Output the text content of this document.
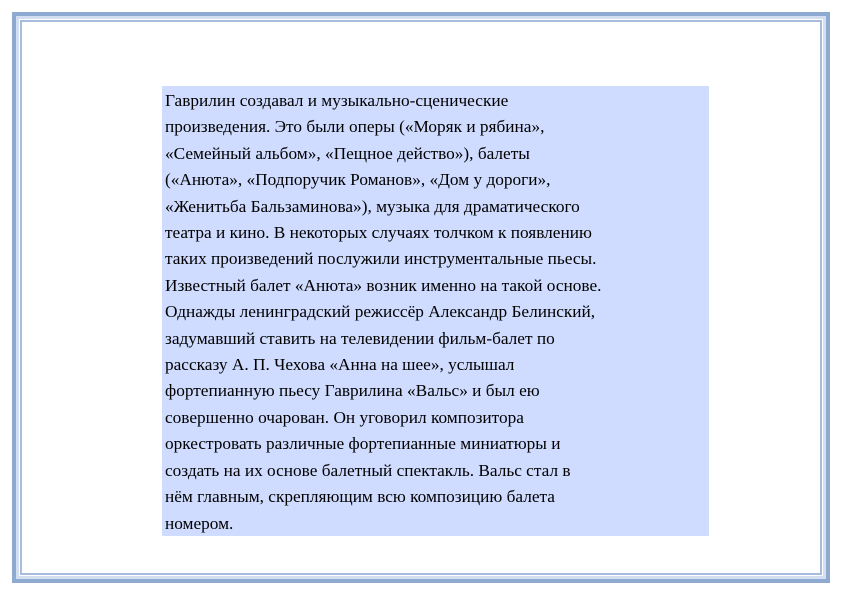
Гаврилин создавал и музыкально-сценические

произведения. Это были оперы («Моряк и рябина»,

«Семейный альбом», «Пещное действо»), балеты

(«Анюта», «Подпоручик Романов», «Дом у дороги»,

«Женитьба Бальзаминова»), музыка для драматического

театра и кино. В некоторых случаях толчком к появлению

таких произведений послужили инструментальные пьесы.

Известный балет «Анюта» возник именно на такой основе.

Однажды ленинградский режиссёр Александр Белинский,

задумавший ставить на телевидении фильм-балет по

рассказу А. П. Чехова «Анна на шее», услышал

фортепианную пьесу Гаврилина «Вальс» и был ею

совершенно очарован. Он уговорил композитора

оркестровать различные фортепианные миниатюры и

создать на их основе балетный спектакль. Вальс стал в

нём главным, скрепляющим всю композицию балета

номером.
